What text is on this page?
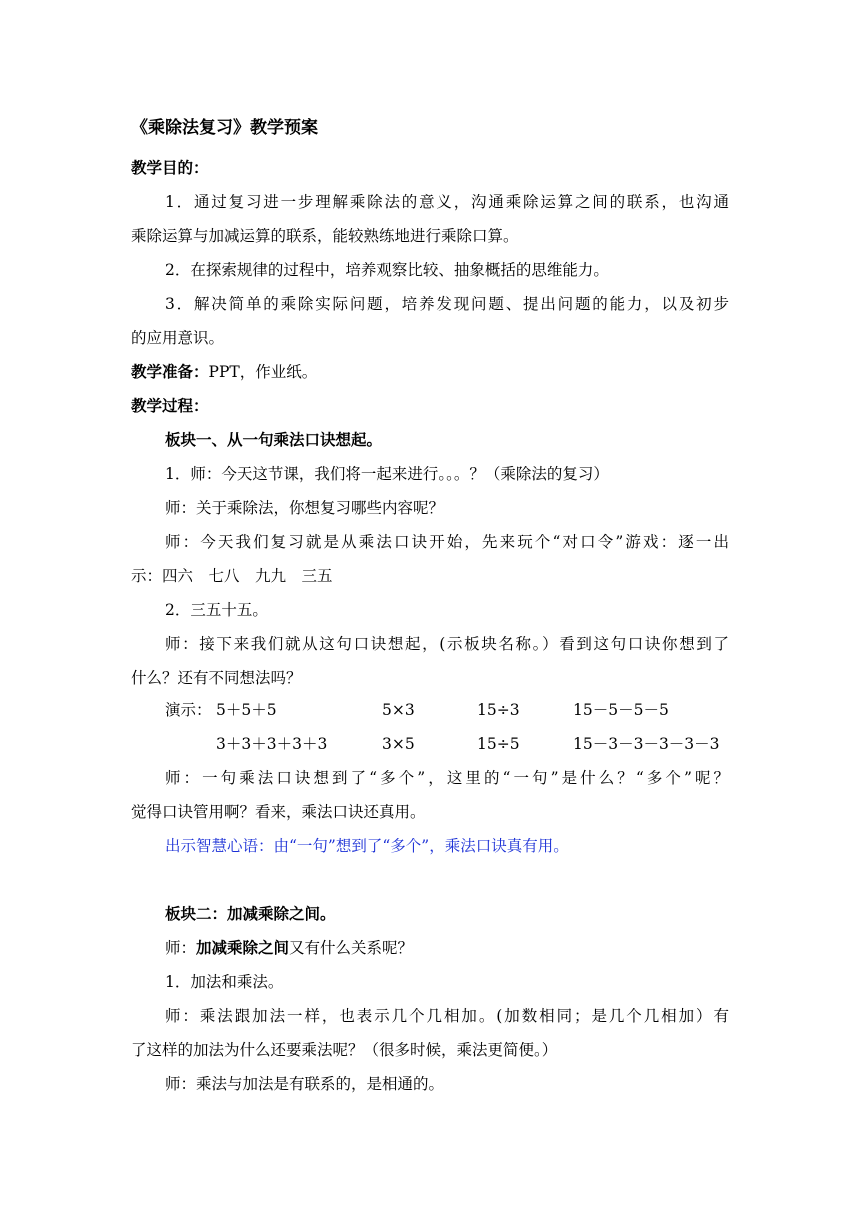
《乘除法复习》教学预案
教学目的：
1．通过复习进一步理解乘除法的意义，沟通乘除运算之间的联系，也沟通
乘除运算与加减运算的联系，能较熟练地进行乘除口算。
2．在探索规律的过程中，培养观察比较、抽象概括的思维能力。
3．解决简单的乘除实际问题，培养发现问题、提出问题的能力，以及初步
的应用意识。
教学准备：PPT，作业纸。
教学过程：
板块一、从一句乘法口诀想起。
1．师：今天这节课，我们将一起来进行。。。？（乘除法的复习）
师：关于乘除法，你想复习哪些内容呢？
师：今天我们复习就是从乘法口诀开始，先来玩个“对口令”游戏：逐一出
示：四六　七八　九九　三五
2．三五十五。
师：接下来我们就从这句口诀想起，(示板块名称。）看到这句口诀你想到了
什么？还有不同想法吗？
演示： 5＋5＋5	5×3	15÷3	15－5－5－5
3＋3＋3＋3＋3	3×5	15÷5	15－3－3－3－3－3
师：一句乘法口诀想到了“多个”，这里的“一句”是什么？“多个”呢？
觉得口诀管用啊？看来，乘法口诀还真用。
出示智慧心语：由“一句”想到了“多个”，乘法口诀真有用。
板块二：加减乘除之间。
师：加减乘除之间又有什么关系呢？
1．加法和乘法。
师：乘法跟加法一样，也表示几个几相加。(加数相同；是几个几相加）有
了这样的加法为什么还要乘法呢？（很多时候，乘法更简便。）
师：乘法与加法是有联系的，是相通的。
